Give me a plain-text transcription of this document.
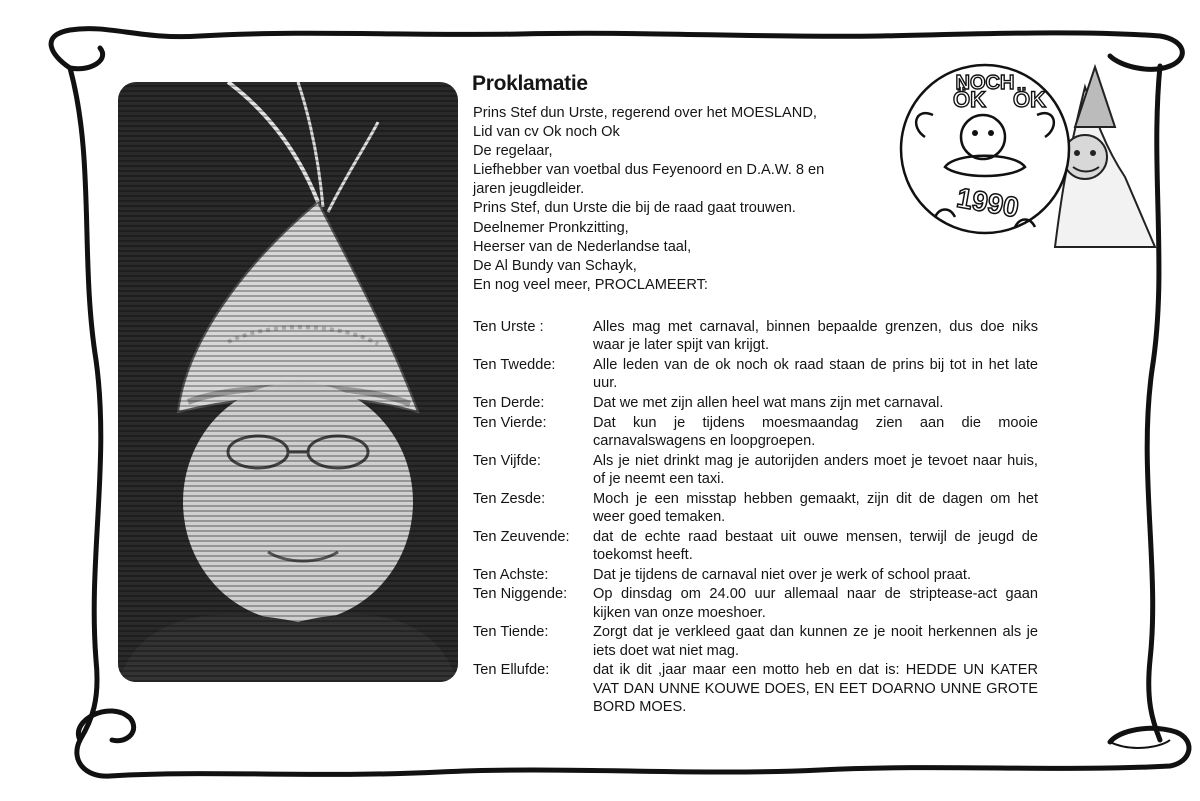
Proklamatie
Prins Stef dun Urste, regerend over het MOESLAND,
Lid van cv Ok noch Ok
De regelaar,
Liefhebber van voetbal dus Feyenoord en D.A.W. 8 en
jaren jeugdleider.
Prins Stef, dun Urste die bij de raad gaat trouwen.
Deelnemer Pronkzitting,
Heerser van de Nederlandse taal,
De Al Bundy van Schayk,
En nog veel meer, PROCLAMEERT:
Ten Urste :	Alles mag met carnaval, binnen bepaalde grenzen, dus doe niks waar je later spijt van krijgt.
Ten Twedde:	Alle leden van de ok noch ok raad staan de prins bij tot in het late uur.
Ten Derde:	Dat we met zijn allen heel wat mans zijn met carnaval.
Ten Vierde:	Dat kun je tijdens moesmaandag zien aan die mooie carnavalswagens en loopgroepen.
Ten Vijfde:	Als je niet drinkt mag je autorijden anders moet je tevoet naar huis, of je neemt een taxi.
Ten Zesde:	Moch je een misstap hebben gemaakt, zijn dit de dagen om het weer goed temaken.
Ten Zeuvende:	dat de echte raad bestaat uit ouwe mensen, terwijl de jeugd de toekomst heeft.
Ten Achste:	Dat je tijdens de carnaval niet over je werk of school praat.
Ten Niggende:	Op dinsdag om 24.00 uur allemaal naar de striptease-act gaan kijken van onze moeshoer.
Ten Tiende:	Zorgt dat je verkleed gaat dan kunnen ze je nooit herkennen als je iets doet wat niet mag.
Ten Ellufde:	dat ik dit ,jaar maar een motto heb en dat is: HEDDE UN KATER VAT DAN UNNE KOUWE DOES, EN EET DOARNO UNNE GROTE BORD MOES.
ÖK
NOCH
ÖK
1990
